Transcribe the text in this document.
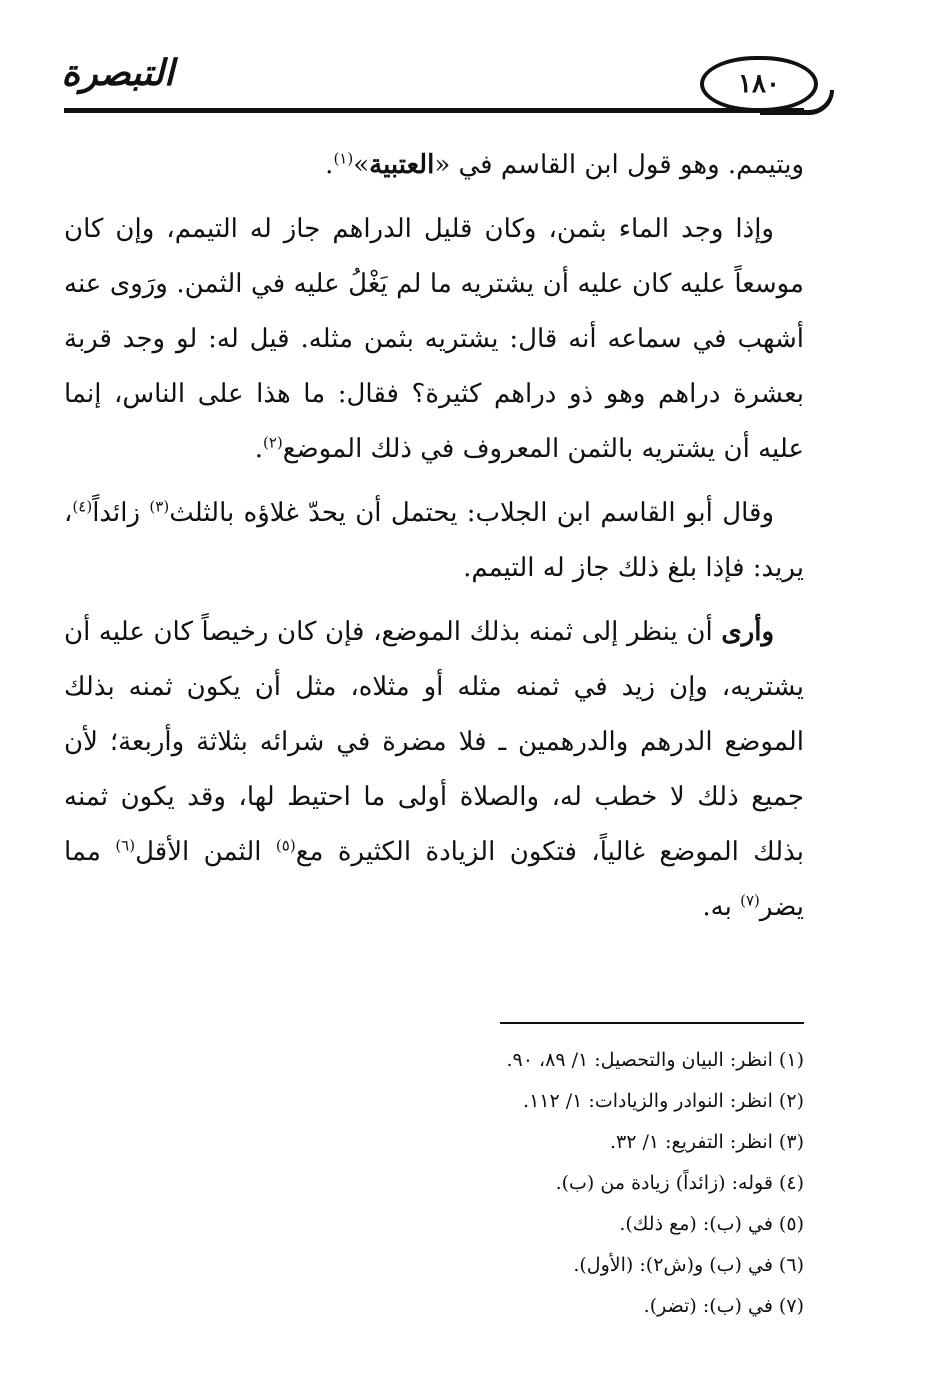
التبصرة	١٨٠

ويتيمم. وهو قول ابن القاسم في «العتبية»$^{(١)}$.

وإذا وجد الماء بثمن، وكان قليل الدراهم جاز له التيمم، وإن كان موسعاً عليه كان عليه أن يشتريه ما لم يَغْلُ عليه في الثمن. ورَوى عنه أشهب في سماعه أنه قال: يشتريه بثمن مثله. قيل له: لو وجد قربة بعشرة دراهم وهو ذو دراهم كثيرة؟ فقال: ما هذا على الناس، إنما عليه أن يشتريه بالثمن المعروف في ذلك الموضع$^{(٢)}$.

وقال أبو القاسم ابن الجلاب: يحتمل أن يحدّ غلاؤه بالثلث$^{(٣)}$ زائداً$^{(٤)}$، يريد: فإذا بلغ ذلك جاز له التيمم.

وأرى أن ينظر إلى ثمنه بذلك الموضع، فإن كان رخيصاً كان عليه أن يشتريه، وإن زيد في ثمنه مثله أو مثلاه، مثل أن يكون ثمنه بذلك الموضع الدرهم والدرهمين ـ فلا مضرة في شرائه بثلاثة وأربعة؛ لأن جميع ذلك لا خطب له، والصلاة أولى ما احتيط لها، وقد يكون ثمنه بذلك الموضع غالياً، فتكون الزيادة الكثيرة مع$^{(٥)}$ الثمن الأقل$^{(٦)}$ مما يضر$^{(٧)}$ به.

(١) انظر: البيان والتحصيل: ١/ ٨٩، ٩٠.
(٢) انظر: النوادر والزيادات: ١/ ١١٢.
(٣) انظر: التفريع: ١/ ٣٢.
(٤) قوله: (زائداً) زيادة من (ب).
(٥) في (ب): (مع ذلك).
(٦) في (ب) و(ش٢): (الأول).
(٧) في (ب): (تضر).
